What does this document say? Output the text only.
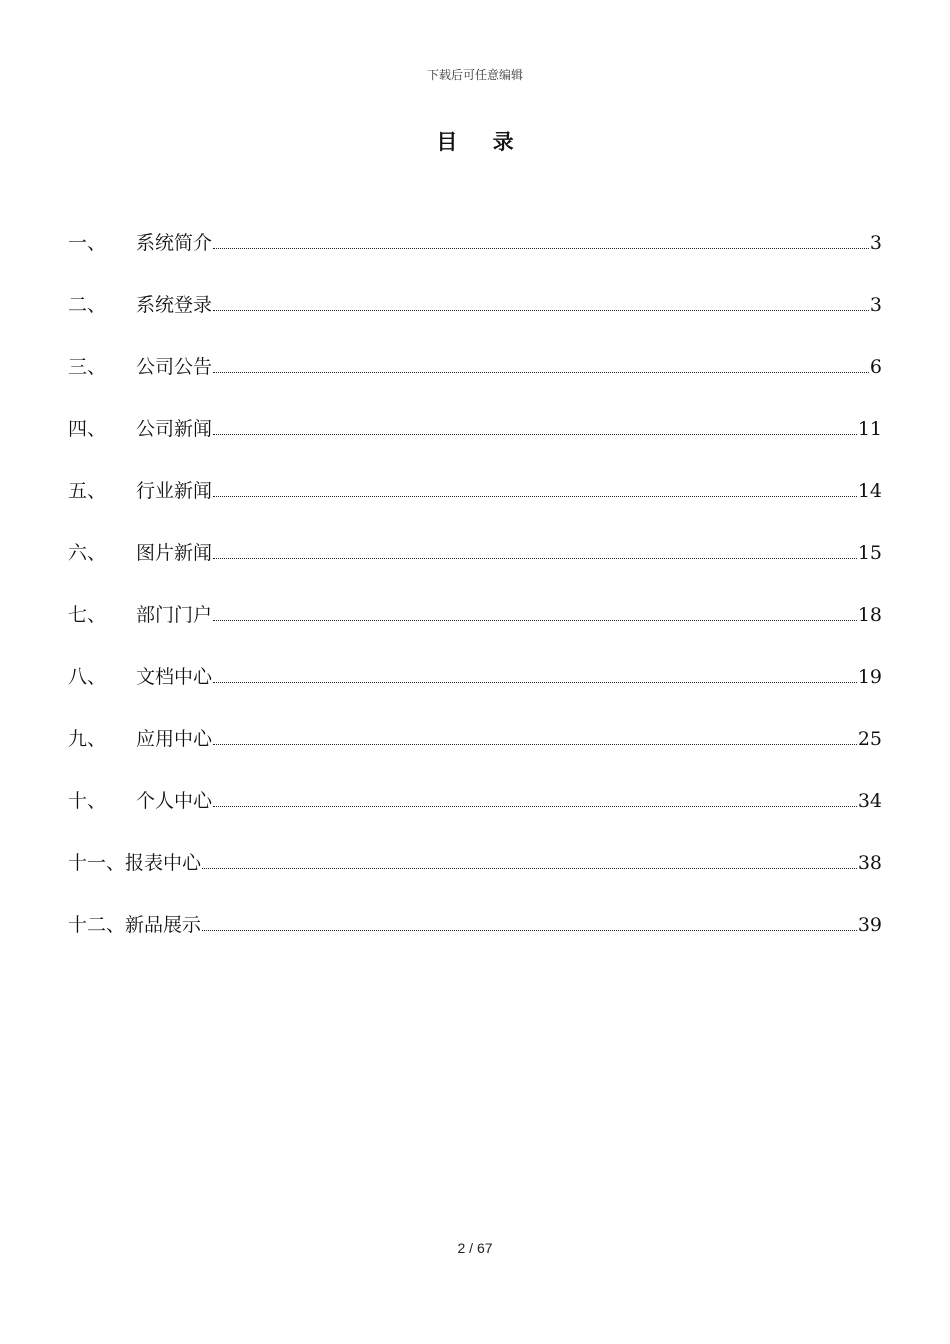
下载后可任意编辑
目 录
一、	系统简介	3
二、	系统登录	3
三、	公司公告	6
四、	公司新闻	11
五、	行业新闻	14
六、	图片新闻	15
七、	部门门户	18
八、	文档中心	19
九、	应用中心	25
十、	个人中心	34
十一、 报表中心	38
十二、 新品展示	39
2 / 67
